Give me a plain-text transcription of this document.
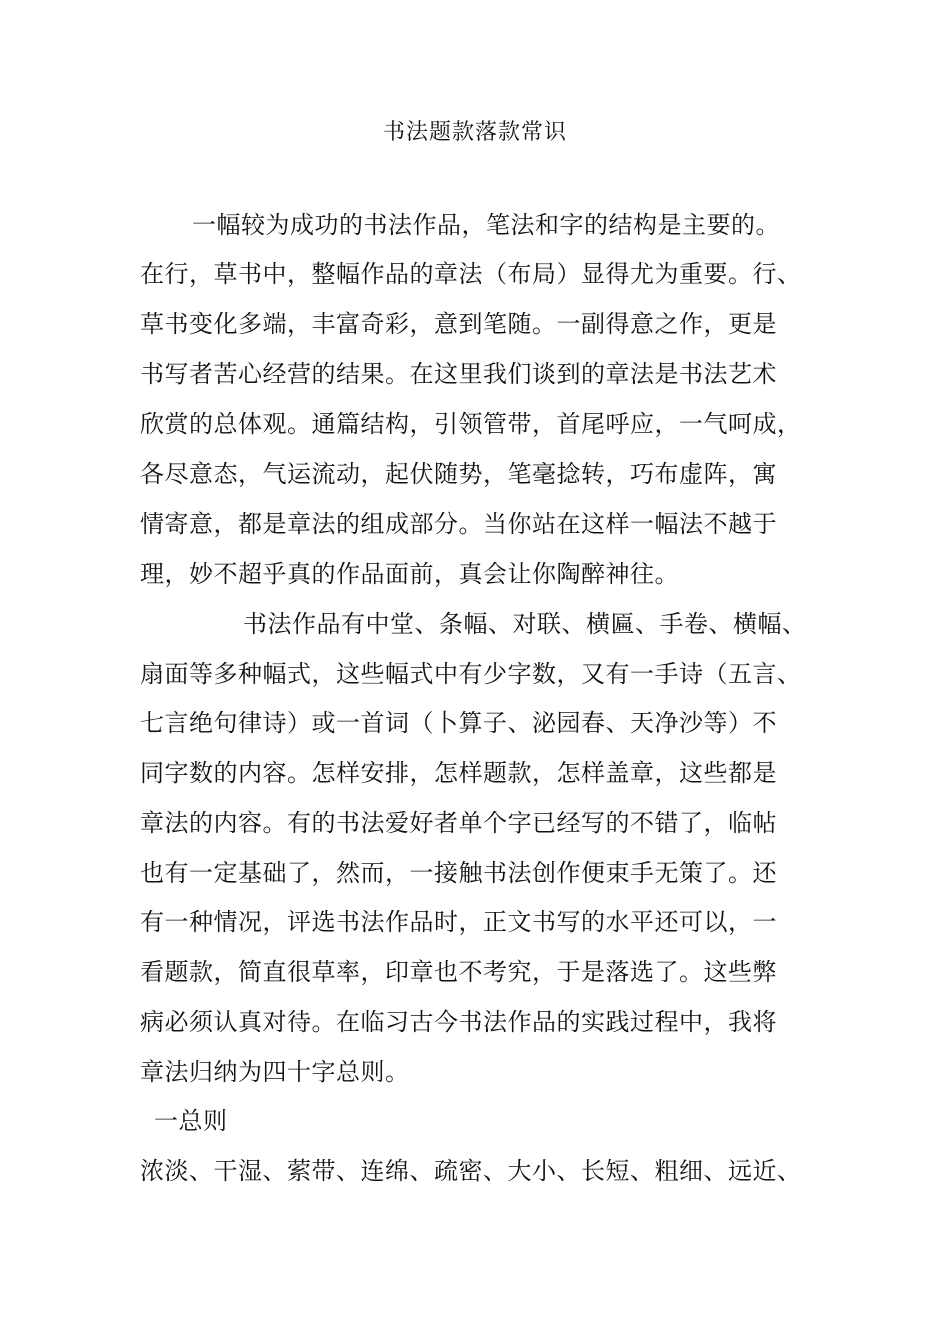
书法题款落款常识
一幅较为成功的书法作品，笔法和字的结构是主要的。
在行，草书中，整幅作品的章法（布局）显得尤为重要。行、
草书变化多端，丰富奇彩，意到笔随。一副得意之作，更是
书写者苦心经营的结果。在这里我们谈到的章法是书法艺术
欣赏的总体观。通篇结构，引领管带，首尾呼应，一气呵成，
各尽意态，气运流动，起伏随势，笔毫捻转，巧布虚阵，寓
情寄意，都是章法的组成部分。当你站在这样一幅法不越于
理，妙不超乎真的作品面前，真会让你陶醉神往。
书法作品有中堂、条幅、对联、横匾、手卷、横幅、
扇面等多种幅式，这些幅式中有少字数，又有一手诗（五言、
七言绝句律诗）或一首词（卜算子、泌园春、天净沙等）不
同字数的内容。怎样安排，怎样题款，怎样盖章，这些都是
章法的内容。有的书法爱好者单个字已经写的不错了，临帖
也有一定基础了，然而，一接触书法创作便束手无策了。还
有一种情况，评选书法作品时，正文书写的水平还可以，一
看题款，简直很草率，印章也不考究，于是落选了。这些弊
病必须认真对待。在临习古今书法作品的实践过程中，我将
章法归纳为四十字总则。
一总则
浓淡、干湿、萦带、连绵、疏密、大小、长短、粗细、远近、
